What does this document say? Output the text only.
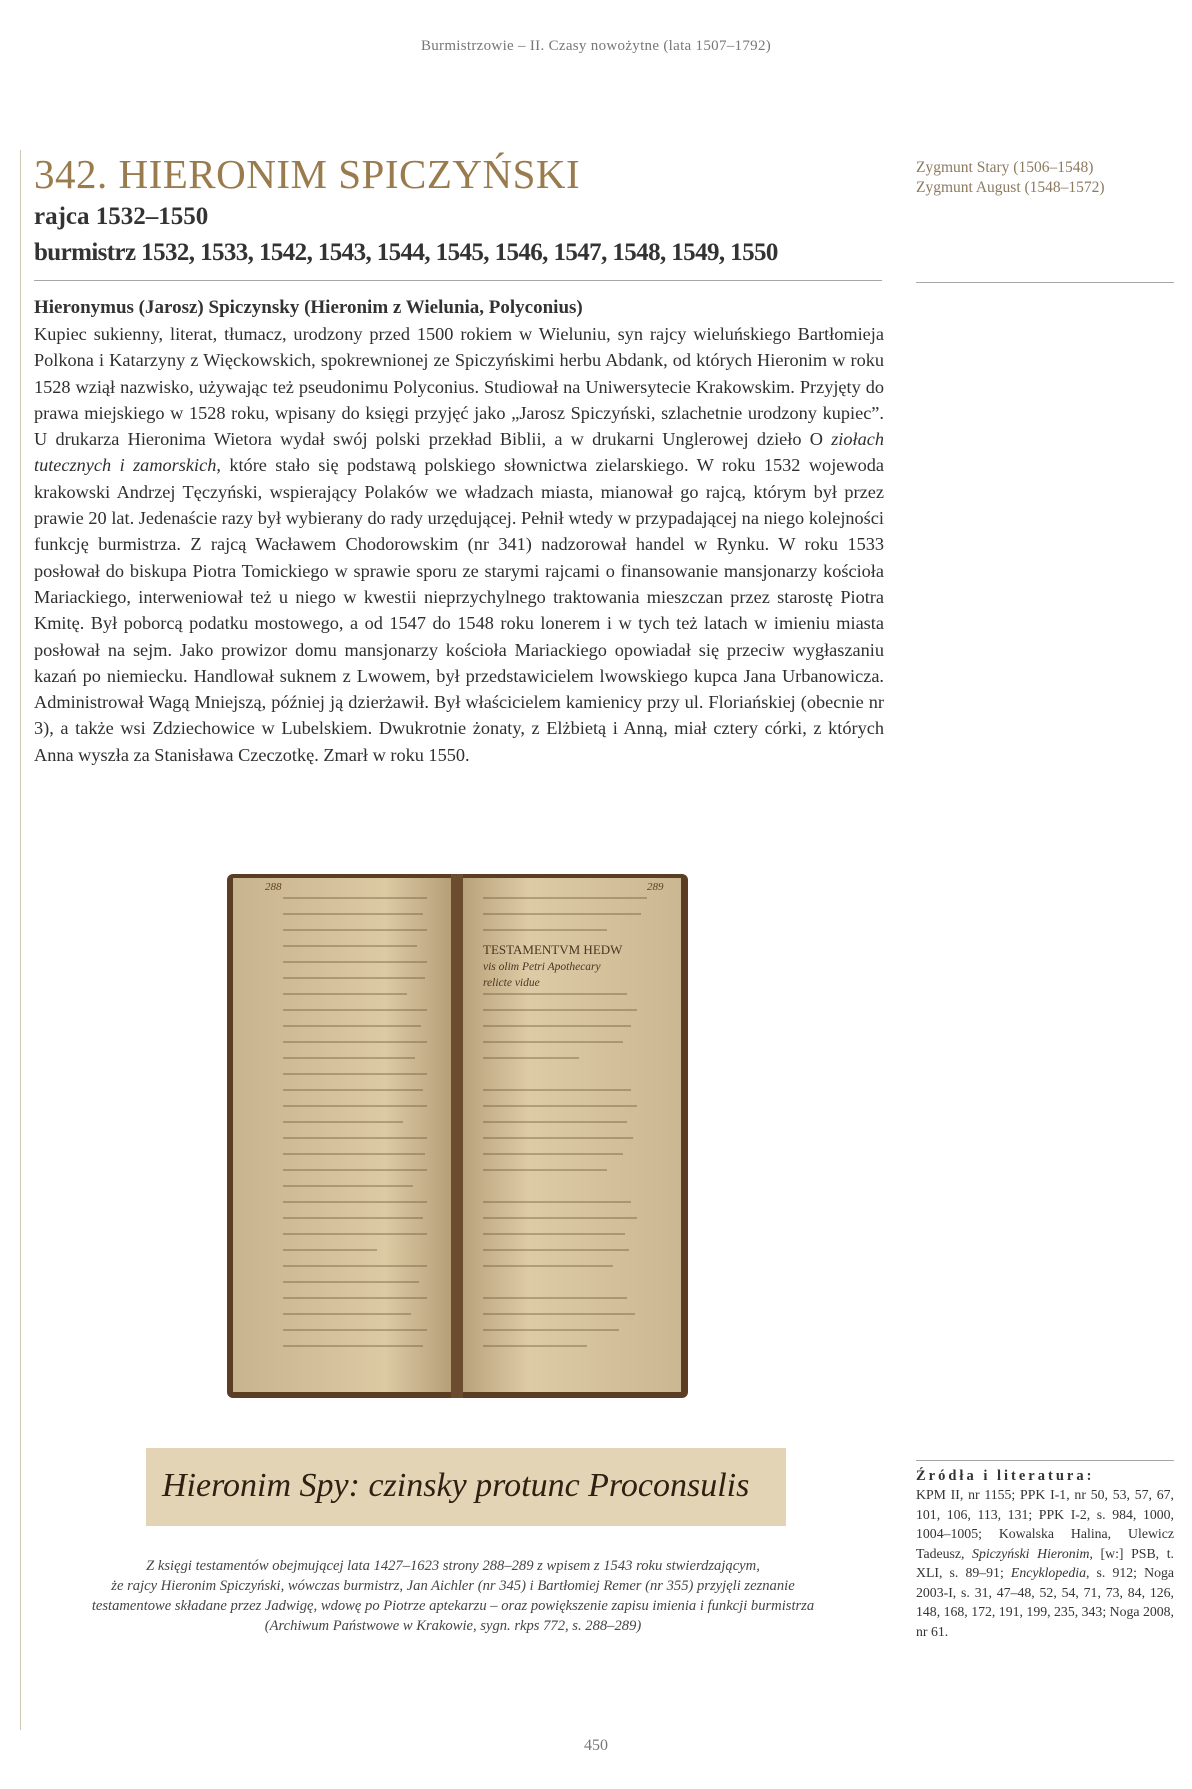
Burmistrzowie – II. Czasy nowożytne (lata 1507–1792)
342. HIERONIM SPICZYŃSKI
rajca 1532–1550
burmistrz 1532, 1533, 1542, 1543, 1544, 1545, 1546, 1547, 1548, 1549, 1550
Hieronymus (Jarosz) Spiczynsky (Hieronim z Wielunia, Polyconius)
Kupiec sukienny, literat, tłumacz, urodzony przed 1500 rokiem w Wieluniu, syn rajcy wieluńskiego Bartłomieja Polkona i Katarzyny z Więckowskich, spokrewnionej ze Spiczyńskimi herbu Abdank, od których Hieronim w roku 1528 wziął nazwisko, używając też pseudonimu Polyconius. Studiował na Uniwersytecie Krakowskim. Przyjęty do prawa miejskiego w 1528 roku, wpisany do księgi przyjęć jako „Jarosz Spiczyński, szlachetnie urodzony kupiec”. U drukarza Hieronima Wietora wydał swój polski przekład Biblii, a w drukarni Unglerowej dzieło O ziołach tutecznych i zamorskich, które stało się podstawą polskiego słownictwa zielarskiego. W roku 1532 wojewoda krakowski Andrzej Tęczyński, wspierający Polaków we władzach miasta, mianował go rajcą, którym był przez prawie 20 lat. Jedenaście razy był wybierany do rady urzędującej. Pełnił wtedy w przypadającej na niego kolejności funkcję burmistrza. Z rajcą Wacławem Chodorowskim (nr 341) nadzorował handel w Rynku. W roku 1533 posłował do biskupa Piotra Tomickiego w sprawie sporu ze starymi rajcami o finansowanie mansjonarzy kościoła Mariackiego, interweniował też u niego w kwestii nieprzychylnego traktowania mieszczan przez starostę Piotra Kmitę. Był poborcą podatku mostowego, a od 1547 do 1548 roku lonerem i w tych też latach w imieniu miasta posłował na sejm. Jako prowizor domu mansjonarzy kościoła Mariackiego opowiadał się przeciw wygłaszaniu kazań po niemiecku. Handlował suknem z Lwowem, był przedstawicielem lwowskiego kupca Jana Urbanowicza. Administrował Wagą Mniejszą, później ją dzierżawił. Był właścicielem kamienicy przy ul. Floriańskiej (obecnie nr 3), a także wsi Zdziechowice w Lubelskiem. Dwukrotnie żonaty, z Elżbietą i Anną, miał cztery córki, z których Anna wyszła za Stanisława Czeczotkę. Zmarł w roku 1550.
Zygmunt Stary (1506–1548)
Zygmunt August (1548–1572)
288	289
TESTAMENTVM HEDW
vis olim Petri Apothecary
relicte vidue
Hieronim Spy: czinsky protunc Proconsulis
Z księgi testamentów obejmującej lata 1427–1623 strony 288–289 z wpisem z 1543 roku stwierdzającym,
że rajcy Hieronim Spiczyński, wówczas burmistrz, Jan Aichler (nr 345) i Bartłomiej Remer (nr 355) przyjęli zeznanie
testamentowe składane przez Jadwigę, wdowę po Piotrze aptekarzu – oraz powiększenie zapisu imienia i funkcji burmistrza
(Archiwum Państwowe w Krakowie, sygn. rkps 772, s. 288–289)
Źródła i literatura:
KPM II, nr 1155; PPK I-1, nr 50, 53, 57, 67, 101, 106, 113, 131; PPK I-2, s. 984, 1000, 1004–1005; Kowalska Halina, Ulewicz Tadeusz, Spiczyński Hieronim, [w:] PSB, t. XLI, s. 89–91; Encyklopedia, s. 912; Noga 2003-I, s. 31, 47–48, 52, 54, 71, 73, 84, 126, 148, 168, 172, 191, 199, 235, 343; Noga 2008, nr 61.
450
